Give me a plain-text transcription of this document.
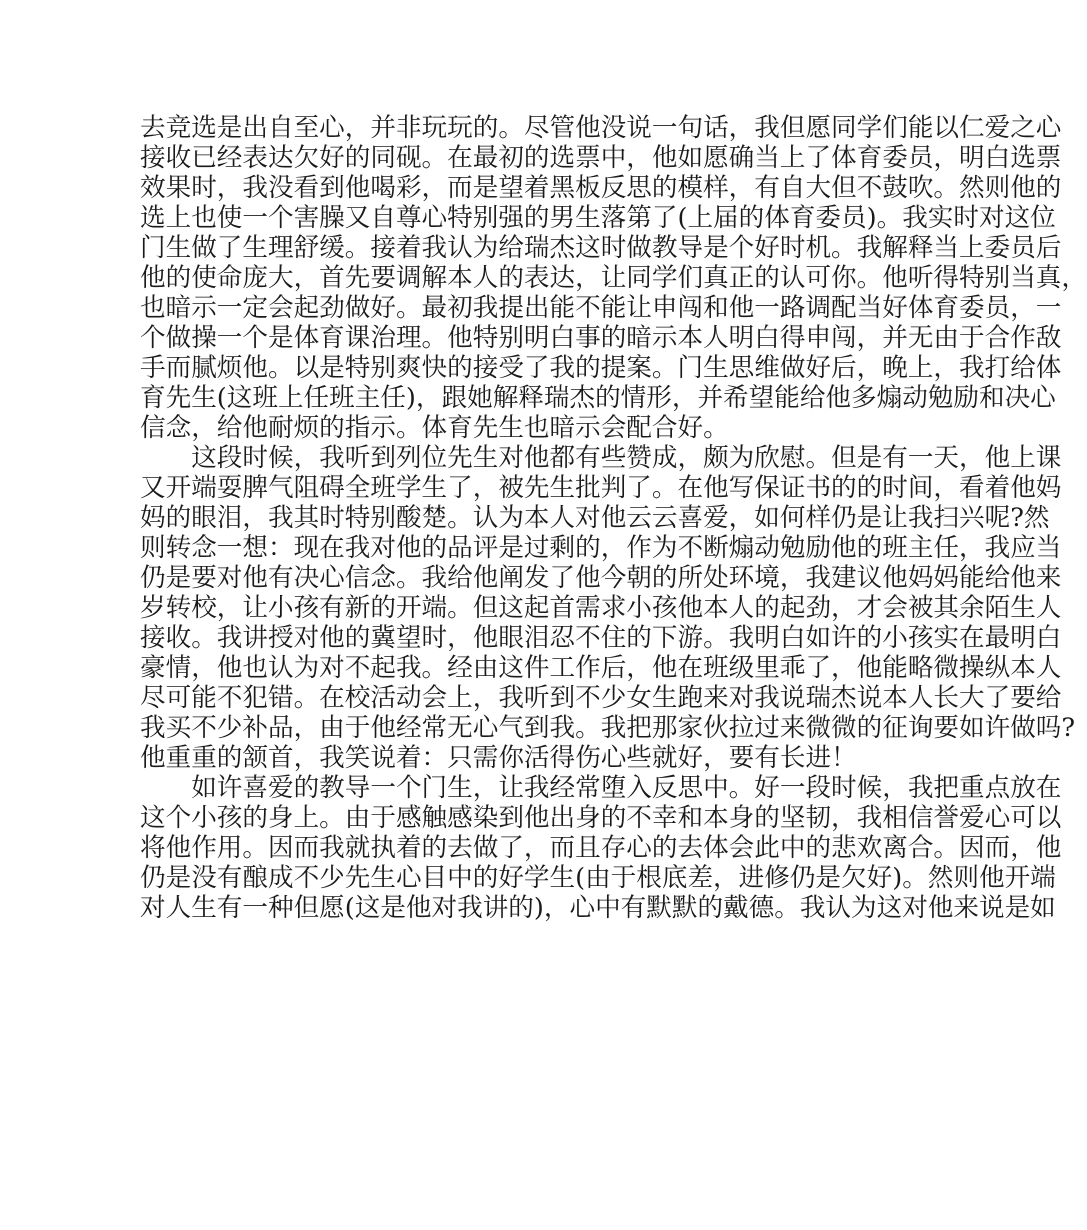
去竞选是出自至心，并非玩玩的。尽管他没说一句话，我但愿同学们能以仁爱之心
接收已经表达欠好的同砚。在最初的选票中，他如愿确当上了体育委员，明白选票
效果时，我没看到他喝彩，而是望着黑板反思的模样，有自大但不鼓吹。然则他的
选上也使一个害臊又自尊心特别强的男生落第了(上届的体育委员)。我实时对这位
门生做了生理舒缓。接着我认为给瑞杰这时做教导是个好时机。我解释当上委员后
他的使命庞大，首先要调解本人的表达，让同学们真正的认可你。他听得特别当真，
也暗示一定会起劲做好。最初我提出能不能让申闯和他一路调配当好体育委员，一
个做操一个是体育课治理。他特别明白事的暗示本人明白得申闯，并无由于合作敌
手而腻烦他。以是特别爽快的接受了我的提案。门生思维做好后，晚上，我打给体
育先生(这班上任班主任)，跟她解释瑞杰的情形，并希望能给他多煽动勉励和决心
信念，给他耐烦的指示。体育先生也暗示会配合好。
这段时候，我听到列位先生对他都有些赞成，颇为欣慰。但是有一天，他上课
又开端耍脾气阻碍全班学生了，被先生批判了。在他写保证书的的时间，看着他妈
妈的眼泪，我其时特别酸楚。认为本人对他云云喜爱，如何样仍是让我扫兴呢?然
则转念一想：现在我对他的品评是过剩的，作为不断煽动勉励他的班主任，我应当
仍是要对他有决心信念。我给他阐发了他今朝的所处环境，我建议他妈妈能给他来
岁转校，让小孩有新的开端。但这起首需求小孩他本人的起劲，才会被其余陌生人
接收。我讲授对他的冀望时，他眼泪忍不住的下游。我明白如许的小孩实在最明白
豪情，他也认为对不起我。经由这件工作后，他在班级里乖了，他能略微操纵本人
尽可能不犯错。在校活动会上，我听到不少女生跑来对我说瑞杰说本人长大了要给
我买不少补品，由于他经常无心气到我。我把那家伙拉过来微微的征询要如许做吗?
他重重的颔首，我笑说着：只需你活得伤心些就好，要有长进！
如许喜爱的教导一个门生，让我经常堕入反思中。好一段时候，我把重点放在
这个小孩的身上。由于感触感染到他出身的不幸和本身的坚韧，我相信誉爱心可以
将他作用。因而我就执着的去做了，而且存心的去体会此中的悲欢离合。因而，他
仍是没有酿成不少先生心目中的好学生(由于根底差，进修仍是欠好)。然则他开端
对人生有一种但愿(这是他对我讲的)，心中有默默的戴德。我认为这对他来说是如
